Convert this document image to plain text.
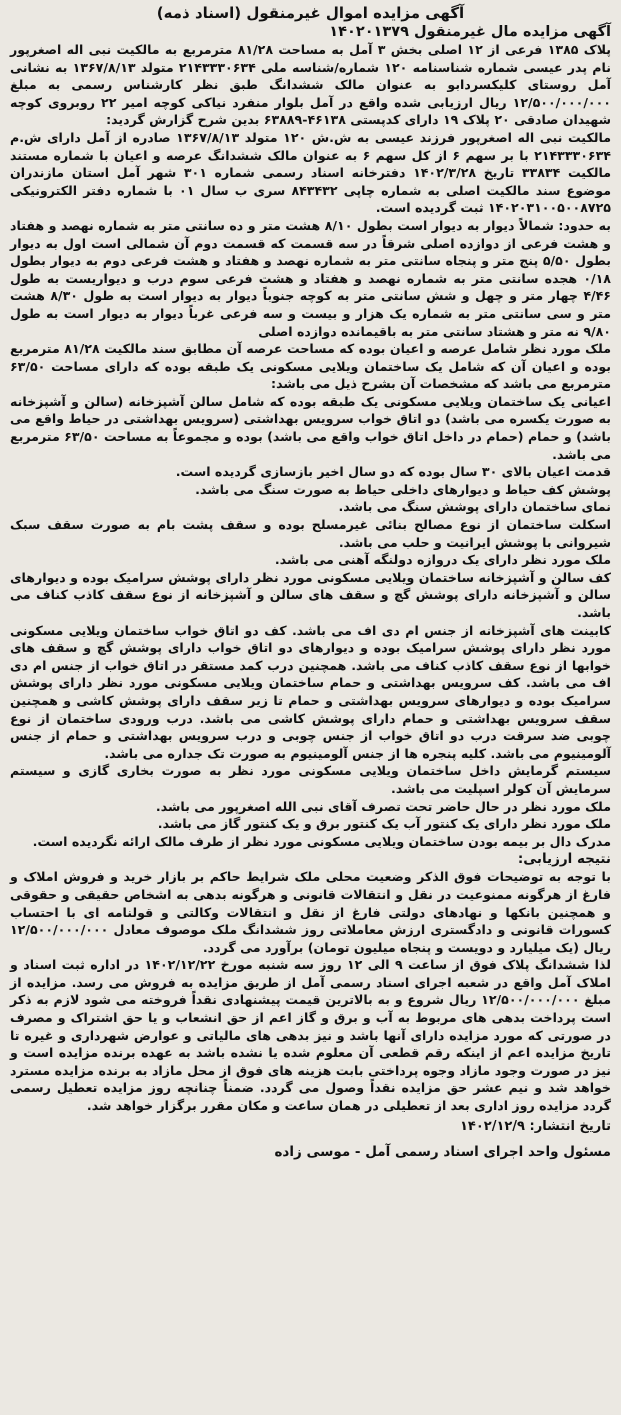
آگهی مزایده اموال غیرمنقول (اسناد ذمه)
آگهی مزایده مال غیرمنقول ۱۴۰۲۰۱۳۷۹
پلاک ۱۳۸۵ فرعی از ۱۲ اصلی بخش ۳ آمل به مساحت ۸۱/۲۸ مترمربع به مالکیت نبی اله اصغرپور نام پدر عیسی شماره شناسنامه ۱۲۰ شماره/شناسه ملی ۲۱۴۳۳۳۰۶۳۴ متولد ۱۳۶۷/۸/۱۳ به نشانی آمل روستای کلیکسردابو به عنوان مالک ششدانگ طبق نظر کارشناس رسمی به مبلغ ۱۲/۵۰۰/۰۰۰/۰۰۰ ریال ارزیابی شده واقع در آمل بلوار منفرد نیاکی کوچه امیر ۲۲ روبروی کوچه شهیدان صادقی ۲۰ پلاک ۱۹ دارای کدپستی ۴۶۱۳۸-۶۳۸۸۹ بدین شرح گزارش گردید:
مالکیت نبی اله اصغرپور فرزند عیسی به ش.ش ۱۲۰ متولد ۱۳۶۷/۸/۱۳ صادره از آمل دارای ش.م ۲۱۴۳۳۳۰۶۳۴ با بر سهم ۶ از کل سهم ۶ به عنوان مالک ششدانگ عرصه و اعیان با شماره مستند مالکیت ۳۳۸۳۴ تاریخ ۱۴۰۲/۳/۲۸ دفترخانه اسناد رسمی شماره ۳۰۱ شهر آمل استان مازندران موضوع سند مالکیت اصلی به شماره چاپی ۸۴۳۴۳۲ سری ب سال ۰۱ با شماره دفتر الکترونیکی ۱۴۰۲۰۳۱۰۰۵۰۰۸۷۲۵ ثبت گردیده است.
به حدود: شمالاً دیوار به دیوار است بطول ۸/۱۰ هشت متر و ده سانتی متر به شماره نهصد و هفتاد و هشت فرعی از دوازده اصلی شرقاً در سه قسمت که قسمت دوم آن شمالی است اول به دیوار بطول ۵/۵۰ پنج متر و پنجاه سانتی متر به شماره نهصد و هفتاد و هشت فرعی دوم به دیوار بطول ۰/۱۸ هجده سانتی متر به شماره نهصد و هفتاد و هشت فرعی سوم درب و دیواریست به طول ۴/۴۶ چهار متر و چهل و شش سانتی متر به کوچه جنوباً دیوار به دیوار است به طول ۸/۳۰ هشت متر و سی سانتی متر به شماره یک هزار و بیست و سه فرعی غرباً دیوار به دیوار است به طول ۹/۸۰ نه متر و هشتاد سانتی متر به باقیمانده دوازده اصلی
ملک مورد نظر شامل عرصه و اعیان بوده که مساحت عرصه آن مطابق سند مالکیت ۸۱/۲۸ مترمربع بوده و اعیان آن که شامل یک ساختمان ویلایی مسکونی یک طبقه بوده که دارای مساحت ۶۳/۵۰ مترمربع می باشد که مشخصات آن بشرح ذیل می باشد:
اعیانی یک ساختمان ویلایی مسکونی یک طبقه بوده که شامل سالن آشپزخانه (سالن و آشپزخانه به صورت یکسره می باشد) دو اتاق خواب سرویس بهداشتی (سرویس بهداشتی در حیاط واقع می باشد) و حمام (حمام در داخل اتاق خواب واقع می باشد) بوده و مجموعاً به مساحت ۶۳/۵۰ مترمربع می باشد.
قدمت اعیان بالای ۳۰ سال بوده که دو سال اخیر بازسازی گردیده است.
پوشش کف حیاط و دیوارهای داخلی حیاط به صورت سنگ می باشد.
نمای ساختمان دارای پوشش سنگ می باشد.
اسکلت ساختمان از نوع مصالح بنائی غیرمسلح بوده و سقف پشت بام به صورت سقف سبک شیروانی با پوشش ایرانیت و حلب می باشد.
ملک مورد نظر دارای یک دروازه دولنگه آهنی می باشد.
کف سالن و آشپزخانه ساختمان ویلایی مسکونی مورد نظر دارای پوشش سرامیک بوده و دیوارهای سالن و آشپزخانه دارای پوشش گچ و سقف های سالن و آشپزخانه از نوع سقف کاذب کناف می باشد.
کابینت های آشپزخانه از جنس ام دی اف می باشد. کف دو اتاق خواب ساختمان ویلایی مسکونی مورد نظر دارای پوشش سرامیک بوده و دیوارهای دو اتاق خواب دارای پوشش گچ و سقف های خوابها از نوع سقف کاذب کناف می باشد. همچنین درب کمد مستقر در اتاق خواب از جنس ام دی اف می باشد. کف سرویس بهداشتی و حمام ساختمان ویلایی مسکونی مورد نظر دارای پوشش سرامیک بوده و دیوارهای سرویس بهداشتی و حمام تا زیر سقف دارای پوشش کاشی و همچنین سقف سرویس بهداشتی و حمام دارای پوشش کاشی می باشد. درب ورودی ساختمان از نوع چوبی ضد سرقت درب دو اتاق خواب از جنس چوبی و درب سرویس بهداشتی و حمام از جنس آلومینیوم می باشد. کلیه پنجره ها از جنس آلومینیوم به صورت تک جداره می باشد.
سیستم گرمایش داخل ساختمان ویلایی مسکونی مورد نظر به صورت بخاری گازی و سیستم سرمایش آن کولر اسپلیت می باشد.
ملک مورد نظر در حال حاضر تحت تصرف آقای نبی الله اصغرپور می باشد.
ملک مورد نظر دارای یک کنتور آب یک کنتور برق و یک کنتور گاز می باشد.
مدرک دال بر بیمه بودن ساختمان ویلایی مسکونی مورد نظر از طرف مالک ارائه نگردیده است.
نتیجه ارزیابی:
با توجه به توضیحات فوق الذکر وضعیت محلی ملک شرایط حاکم بر بازار خرید و فروش املاک و فارغ از هرگونه ممنوعیت در نقل و انتقالات قانونی و هرگونه بدهی به اشخاص حقیقی و حقوقی و همچنین بانکها و نهادهای دولتی فارغ از نقل و انتقالات وکالتی و قولنامه ای با احتساب کسورات قانونی و دادگستری ارزش معاملاتی روز ششدانگ ملک موصوف معادل ۱۲/۵۰۰/۰۰۰/۰۰۰ ریال (یک میلیارد و دویست و پنجاه میلیون تومان) برآورد می گردد.
لذا ششدانگ پلاک فوق از ساعت ۹ الی ۱۲ روز سه شنبه مورخ ۱۴۰۲/۱۲/۲۲ در اداره ثبت اسناد و املاک آمل واقع در شعبه اجرای اسناد رسمی آمل از طریق مزایده به فروش می رسد. مزایده از مبلغ ۱۲/۵۰۰/۰۰۰/۰۰۰ ریال شروع و به بالاترین قیمت پیشنهادی نقداً فروخته می شود لازم به ذکر است پرداخت بدهی های مربوط به آب و برق و گاز اعم از حق انشعاب و یا حق اشتراک و مصرف در صورتی که مورد مزایده دارای آنها باشد و نیز بدهی های مالیاتی و عوارض شهرداری و غیره تا تاریخ مزایده اعم از اینکه رقم قطعی آن معلوم شده یا نشده باشد به عهده برنده مزایده است و نیز در صورت وجود مازاد وجوه پرداختی بابت هزینه های فوق از محل مازاد به برنده مزایده مسترد خواهد شد و نیم عشر حق مزایده نقداً وصول می گردد. ضمناً چنانچه روز مزایده تعطیل رسمی گردد مزایده روز اداری بعد از تعطیلی در همان ساعت و مکان مقرر برگزار خواهد شد.
تاریخ انتشار: ۱۴۰۲/۱۲/۹
مسئول واحد اجرای اسناد رسمی آمل - موسی زاده
